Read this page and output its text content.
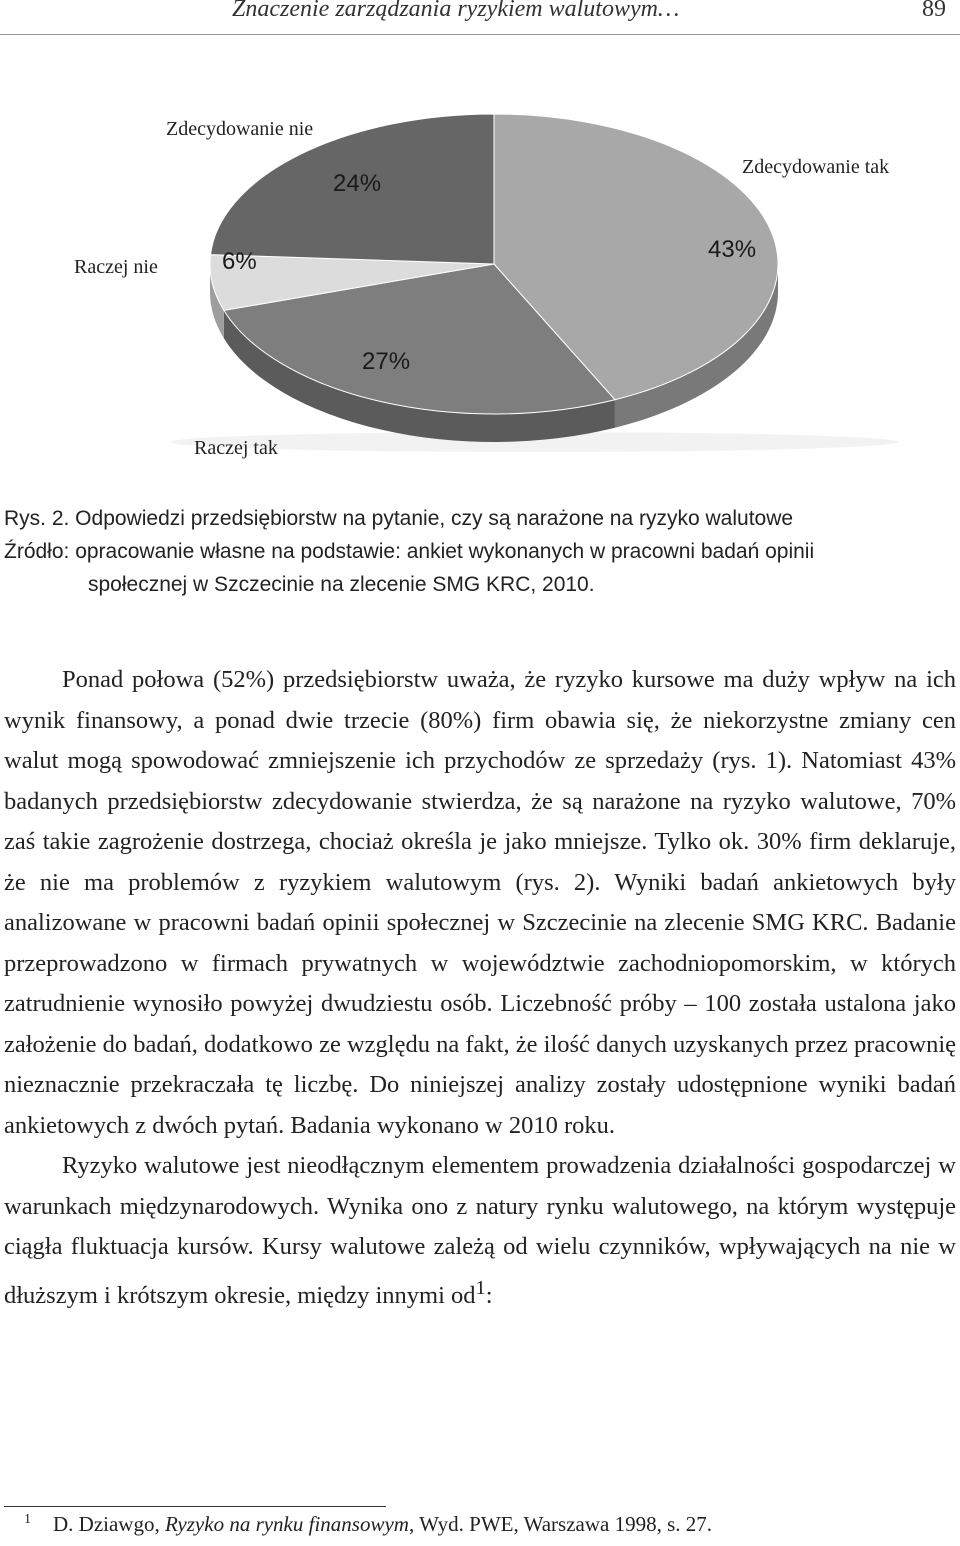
Znaczenie zarządzania ryzykiem walutowym…	89
Zdecydowanie nie
Zdecydowanie tak
Raczej nie
Raczej tak
24%
43%
6%
27%
Rys. 2. Odpowiedzi przedsiębiorstw na pytanie, czy są narażone na ryzyko walutowe
Źródło: opracowanie własne na podstawie: ankiet wykonanych w pracowni badań opinii
społecznej w Szczecinie na zlecenie SMG KRC, 2010.

Ponad połowa (52%) przedsiębiorstw uważa, że ryzyko kursowe ma duży wpływ na ich wynik finansowy, a ponad dwie trzecie (80%) firm obawia się, że niekorzystne zmiany cen walut mogą spowodować zmniejszenie ich przychodów ze sprzedaży (rys. 1). Natomiast 43% badanych przedsiębiorstw zdecydowanie stwierdza, że są narażone na ryzyko walutowe, 70% zaś takie zagrożenie dostrzega, chociaż określa je jako mniejsze. Tylko ok. 30% firm deklaruje, że nie ma problemów z ryzykiem walutowym (rys. 2). Wyniki badań ankietowych były analizowane w pracowni badań opinii społecznej w Szczecinie na zlecenie SMG KRC. Badanie przeprowadzono w firmach prywatnych w województwie zachodniopomorskim, w których zatrudnienie wynosiło powyżej dwudziestu osób. Liczebność próby – 100 została ustalona jako założenie do badań, dodatkowo ze względu na fakt, że ilość danych uzyskanych przez pracownię nieznacznie przekraczała tę liczbę. Do niniejszej analizy zostały udostępnione wyniki badań ankietowych z dwóch pytań. Badania wykonano w 2010 roku.

Ryzyko walutowe jest nieodłącznym elementem prowadzenia działalności gospodarczej w warunkach międzynarodowych. Wynika ono z natury rynku walutowego, na którym występuje ciągła fluktuacja kursów. Kursy walutowe zależą od wielu czynników, wpływających na nie w dłuższym i krótszym okresie, między innymi $od^1$:

$^1$ D. Dziawgo, Ryzyko na rynku finansowym, Wyd. PWE, Warszawa 1998, s. 27.
